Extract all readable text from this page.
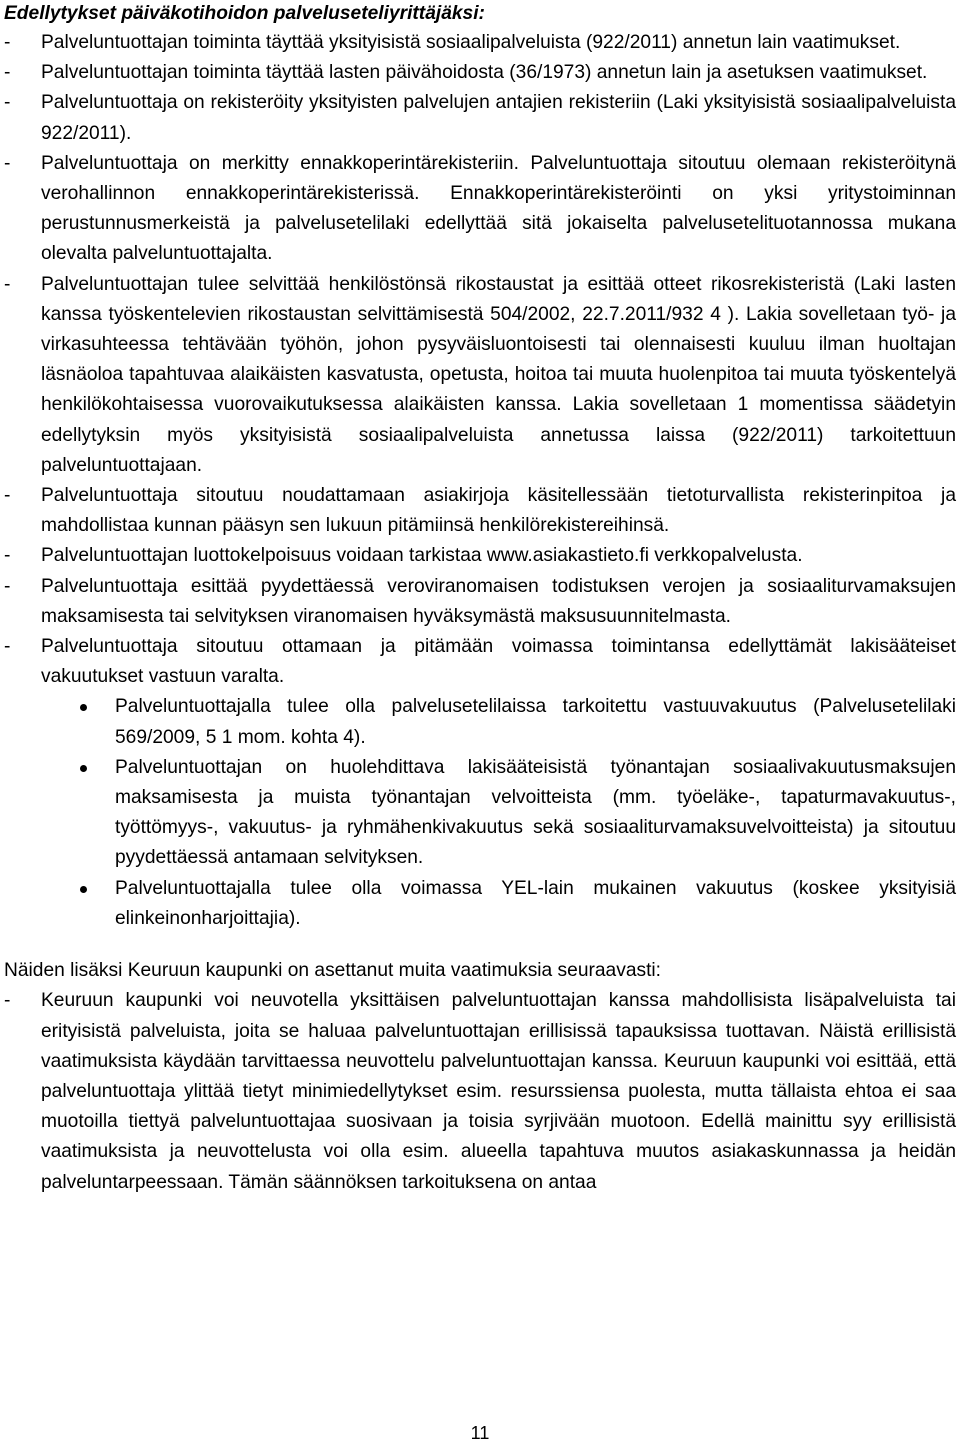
Edellytykset päiväkotihoidon palveluseteliyrittäjäksi:

- Palveluntuottajan toiminta täyttää yksityisistä sosiaalipalveluista (922/2011) annetun lain vaatimukset.
- Palveluntuottajan toiminta täyttää lasten päivähoidosta (36/1973) annetun lain ja asetuksen vaatimukset.
- Palveluntuottaja on rekisteröity yksityisten palvelujen antajien rekisteriin (Laki yksityisistä sosiaalipalveluista 922/2011).
- Palveluntuottaja on merkitty ennakkoperintärekisteriin. Palveluntuottaja sitoutuu olemaan rekisteröitynä verohallinnon ennakkoperintärekisterissä. Ennakkoperintärekisteröinti on yksi yritystoiminnan perustunnusmerkeistä ja palvelusetelilaki edellyttää sitä jokaiselta palvelusetelituotannossa mukana olevalta palveluntuottajalta.
- Palveluntuottajan tulee selvittää henkilöstönsä rikostaustat ja esittää otteet rikosrekisteristä (Laki lasten kanssa työskentelevien rikostaustan selvittämisestä 504/2002, 22.7.2011/932 4 ). Lakia sovelletaan työ- ja virkasuhteessa tehtävään työhön, johon pysyväisluontoisesti tai olennaisesti kuuluu ilman huoltajan läsnäoloa tapahtuvaa alaikäisten kasvatusta, opetusta, hoitoa tai muuta huolenpitoa tai muuta työskentelyä henkilökohtaisessa vuorovaikutuksessa alaikäisten kanssa. Lakia sovelletaan 1 momentissa säädetyin edellytyksin myös yksityisistä sosiaalipalveluista annetussa laissa (922/2011) tarkoitettuun palveluntuottajaan.
- Palveluntuottaja sitoutuu noudattamaan asiakirjoja käsitellessään tietoturvallista rekisterinpitoa ja mahdollistaa kunnan pääsyn sen lukuun pitämiinsä henkilörekistereihinsä.
- Palveluntuottajan luottokelpoisuus voidaan tarkistaa www.asiakastieto.fi verkkopalvelusta.
- Palveluntuottaja esittää pyydettäessä veroviranomaisen todistuksen verojen ja sosiaaliturvamaksujen maksamisesta tai selvityksen viranomaisen hyväksymästä maksusuunnitelmasta.
- Palveluntuottaja sitoutuu ottamaan ja pitämään voimassa toimintansa edellyttämät lakisääteiset vakuutukset vastuun varalta.
Palveluntuottajalla tulee olla palvelusetelilaissa tarkoitettu vastuuvakuutus (Palvelusetelilaki 569/2009, 5 1 mom. kohta 4).
Palveluntuottajan on huolehdittava lakisääteisistä työnantajan sosiaalivakuutusmaksujen maksamisesta ja muista työnantajan velvoitteista (mm. työeläke-, tapaturmavakuutus-, työttömyys-, vakuutus- ja ryhmähenkivakuutus sekä sosiaaliturvamaksuvelvoitteista) ja sitoutuu pyydettäessä antamaan selvityksen.
Palveluntuottajalla tulee olla voimassa YEL-lain mukainen vakuutus (koskee yksityisiä elinkeinonharjoittajia).

Näiden lisäksi Keuruun kaupunki on asettanut muita vaatimuksia seuraavasti:

- Keuruun kaupunki voi neuvotella yksittäisen palveluntuottajan kanssa mahdollisista lisäpalveluista tai erityisistä palveluista, joita se haluaa palveluntuottajan erillisissä tapauksissa tuottavan. Näistä erillisistä vaatimuksista käydään tarvittaessa neuvottelu palveluntuottajan kanssa. Keuruun kaupunki voi esittää, että palveluntuottaja ylittää tietyt minimiedellytykset esim. resurssiensa puolesta, mutta tällaista ehtoa ei saa muotoilla tiettyä palveluntuottajaa suosivaan ja toisia syrjivään muotoon. Edellä mainittu syy erillisistä vaatimuksista ja neuvottelusta voi olla esim. alueella tapahtuva muutos asiakaskunnassa ja heidän palveluntarpeessaan. Tämän säännöksen tarkoituksena on antaa
11
